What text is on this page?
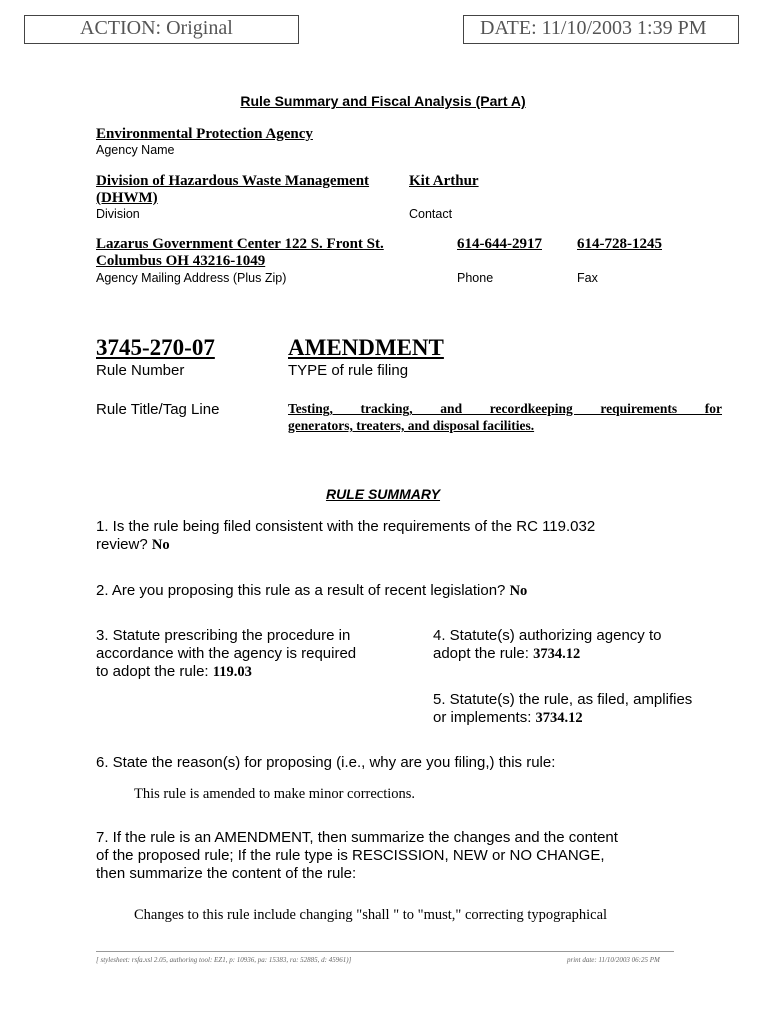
ACTION: Original	DATE: 11/10/2003 1:39 PM
Rule Summary and Fiscal Analysis (Part A)
Environmental Protection Agency
Agency Name
Division of Hazardous Waste Management
(DHWM)
Division
Kit Arthur
Contact
Lazarus Government Center 122 S. Front St.
Columbus OH 43216-1049
Agency Mailing Address (Plus Zip)
614-644-2917
Phone
614-728-1245
Fax
3745-270-07
Rule Number
AMENDMENT
TYPE of rule filing
Rule Title/Tag Line	Testing, tracking, and recordkeeping requirements for
generators, treaters, and disposal facilities.
RULE SUMMARY
1. Is the rule being filed consistent with the requirements of the RC 119.032
review? No
2. Are you proposing this rule as a result of recent legislation? No
3. Statute prescribing the procedure in
accordance with the agency is required
to adopt the rule: 119.03
4. Statute(s) authorizing agency to
adopt the rule: 3734.12
5. Statute(s) the rule, as filed, amplifies
or implements: 3734.12
6. State the reason(s) for proposing (i.e., why are you filing,) this rule:
This rule is amended to make minor corrections.
7. If the rule is an AMENDMENT, then summarize the changes and the content
of the proposed rule; If the rule type is RESCISSION, NEW or NO CHANGE,
then summarize the content of the rule:
Changes to this rule include changing "shall " to "must," correcting typographical
[ stylesheet: rsfa.xsl 2.05, authoring tool: EZ1, p: 10936, pa: 15383, ra: 52885, d: 45961)]	print date: 11/10/2003 06:25 PM
